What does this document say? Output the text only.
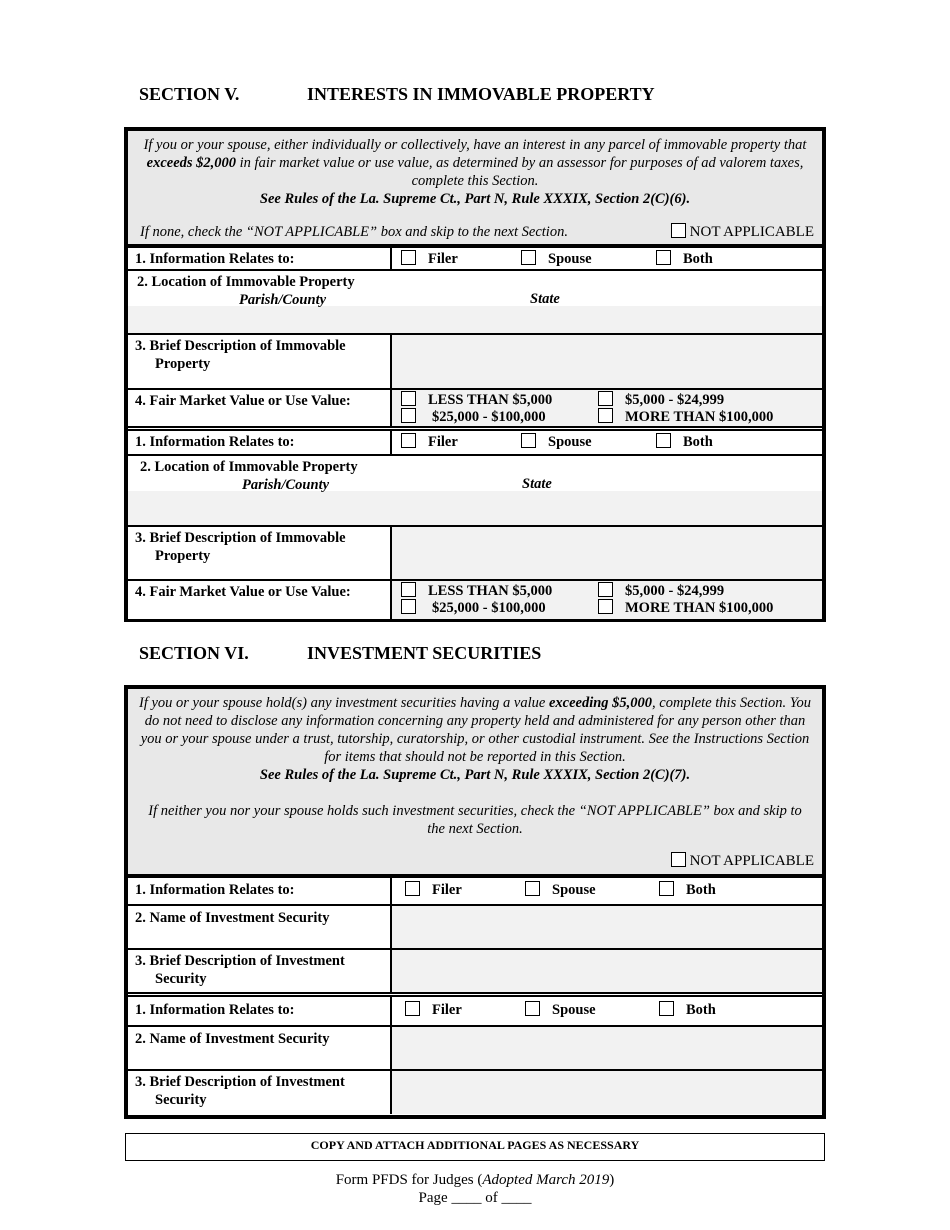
SECTION V.	INTERESTS IN IMMOVABLE PROPERTY
If you or your spouse, either individually or collectively, have an interest in any parcel of immovable property that exceeds $2,000 in fair market value or use value, as determined by an assessor for purposes of ad valorem taxes, complete this Section.
See Rules of the La. Supreme Ct., Part N, Rule XXXIX, Section 2(C)(6).
If none, check the “NOT APPLICABLE” box and skip to the next Section.	NOT APPLICABLE
1. Information Relates to:	Filer	Spouse	Both
2. Location of Immovable Property
Parish/County	State
3. Brief Description of Immovable
Property
4. Fair Market Value or Use Value:	LESS THAN $5,000	$5,000 - $24,999
$25,000 - $100,000	MORE THAN $100,000
1. Information Relates to:	Filer	Spouse	Both
2. Location of Immovable Property
Parish/County	State
3. Brief Description of Immovable
Property
4. Fair Market Value or Use Value:	LESS THAN $5,000	$5,000 - $24,999
$25,000 - $100,000	MORE THAN $100,000
SECTION VI.	INVESTMENT SECURITIES
If you or your spouse hold(s) any investment securities having a value exceeding $5,000, complete this Section. You do not need to disclose any information concerning any property held and administered for any person other than you or your spouse under a trust, tutorship, curatorship, or other custodial instrument. See the Instructions Section for items that should not be reported in this Section.
See Rules of the La. Supreme Ct., Part N, Rule XXXIX, Section 2(C)(7).
If neither you nor your spouse holds such investment securities, check the “NOT APPLICABLE” box and skip to the next Section.
NOT APPLICABLE
1. Information Relates to:	Filer	Spouse	Both
2. Name of Investment Security
3. Brief Description of Investment
Security
1. Information Relates to:	Filer	Spouse	Both
2. Name of Investment Security
3. Brief Description of Investment
Security
COPY AND ATTACH ADDITIONAL PAGES AS NECESSARY
Form PFDS for Judges (Adopted March 2019)
Page ____ of ____
